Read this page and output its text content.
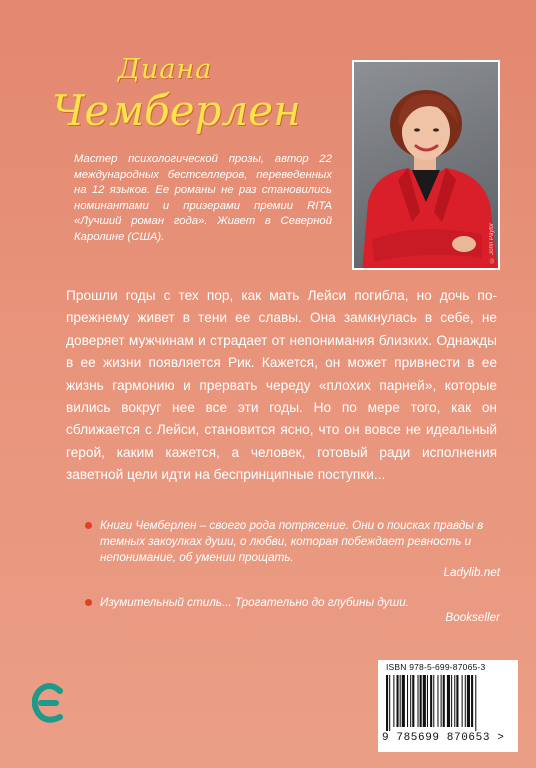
Диана
Чемберлен
© John Paylor
Мастер психологической прозы, автор 22 международных бестселлеров, переведенных на 12 языков. Ее романы не раз становились номинантами и призерами премии RITA «Лучший роман года». Живет в Северной Каролине (США).
Прошли годы с тех пор, как мать Лейси погибла, но дочь по-прежнему живет в тени ее славы. Она замкнулась в себе, не доверяет мужчинам и страдает от непонимания близких. Однажды в ее жизни появляется Рик. Кажется, он может привнести в ее жизнь гармонию и прервать череду «плохих парней», которые вились вокруг нее все эти годы. Но по мере того, как он сближается с Лейси, становится ясно, что он вовсе не идеальный герой, каким кажется, а человек, готовый ради исполнения заветной цели идти на беспринципные поступки...
Книги Чемберлен – своего рода потрясение. Они о поисках правды в темных закоулках души, о любви, которая побеждает ревность и непонимание, об умении прощать.
Ladylib.net
Изумительный стиль... Трогательно до глубины души.
Bookseller
ISBN 978-5-699-87065-3
9 785699 870653 >
